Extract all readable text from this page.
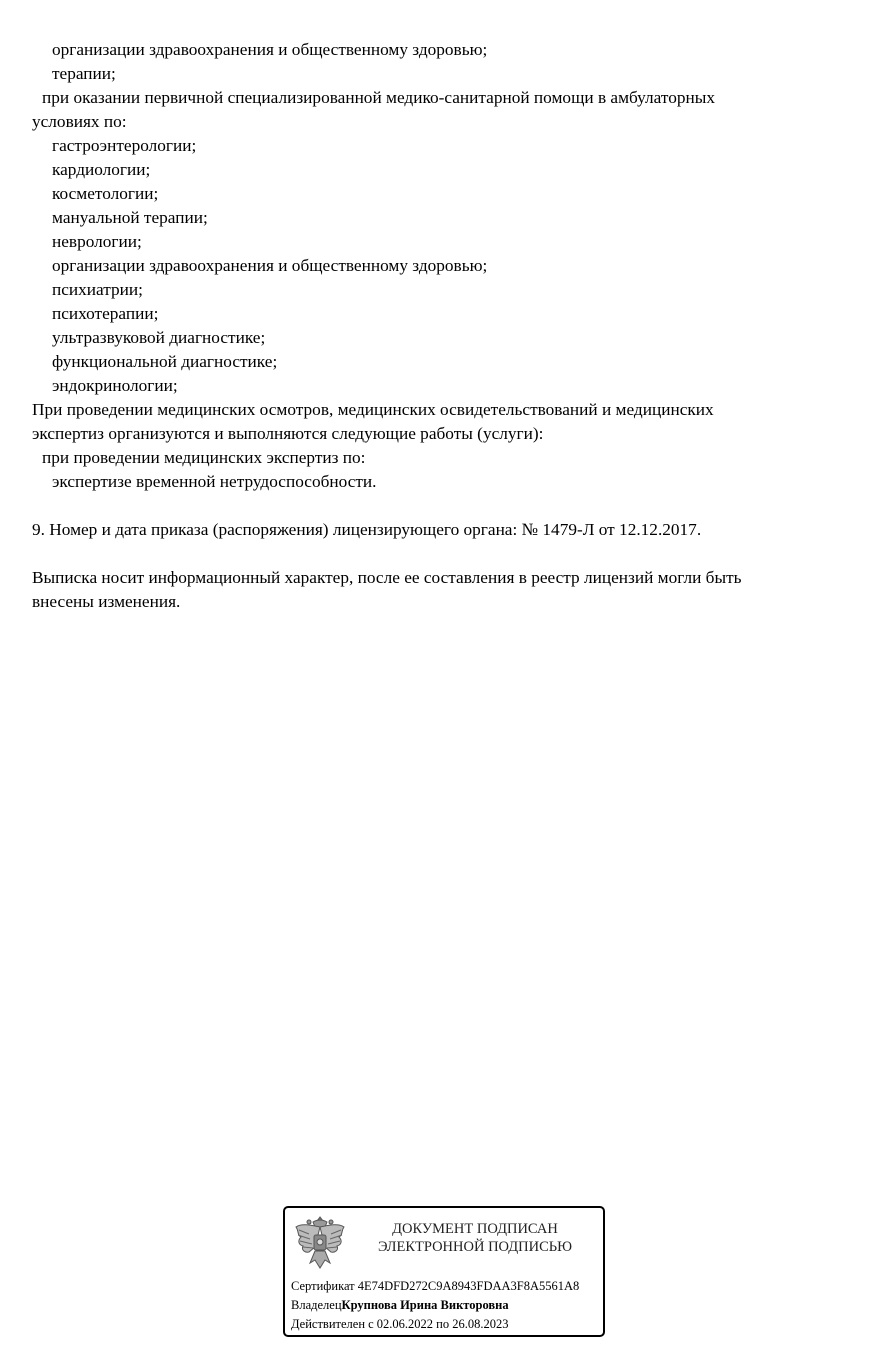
организации здравоохранения и общественному здоровью;
терапии;
при оказании первичной специализированной медико-санитарной помощи в амбулаторных
условиях по:
гастроэнтерологии;
кардиологии;
косметологии;
мануальной терапии;
неврологии;
организации здравоохранения и общественному здоровью;
психиатрии;
психотерапии;
ультразвуковой диагностике;
функциональной диагностике;
эндокринологии;
При проведении медицинских осмотров, медицинских освидетельствований и медицинских
экспертиз организуются и выполняются следующие работы (услуги):
при проведении медицинских экспертиз по:
экспертизе временной нетрудоспособности.
9. Номер и дата приказа (распоряжения) лицензирующего органа: № 1479-Л от 12.12.2017.
Выписка носит информационный характер, после ее составления в реестр лицензий могли быть
внесены изменения.
ДОКУМЕНТ ПОДПИСАН
ЭЛЕКТРОННОЙ ПОДПИСЬЮ
Сертификат 4E74DFD272C9A8943FDAA3F8A5561A8
ВладелецКрупнова Ирина Викторовна
Действителен с 02.06.2022 по 26.08.2023
